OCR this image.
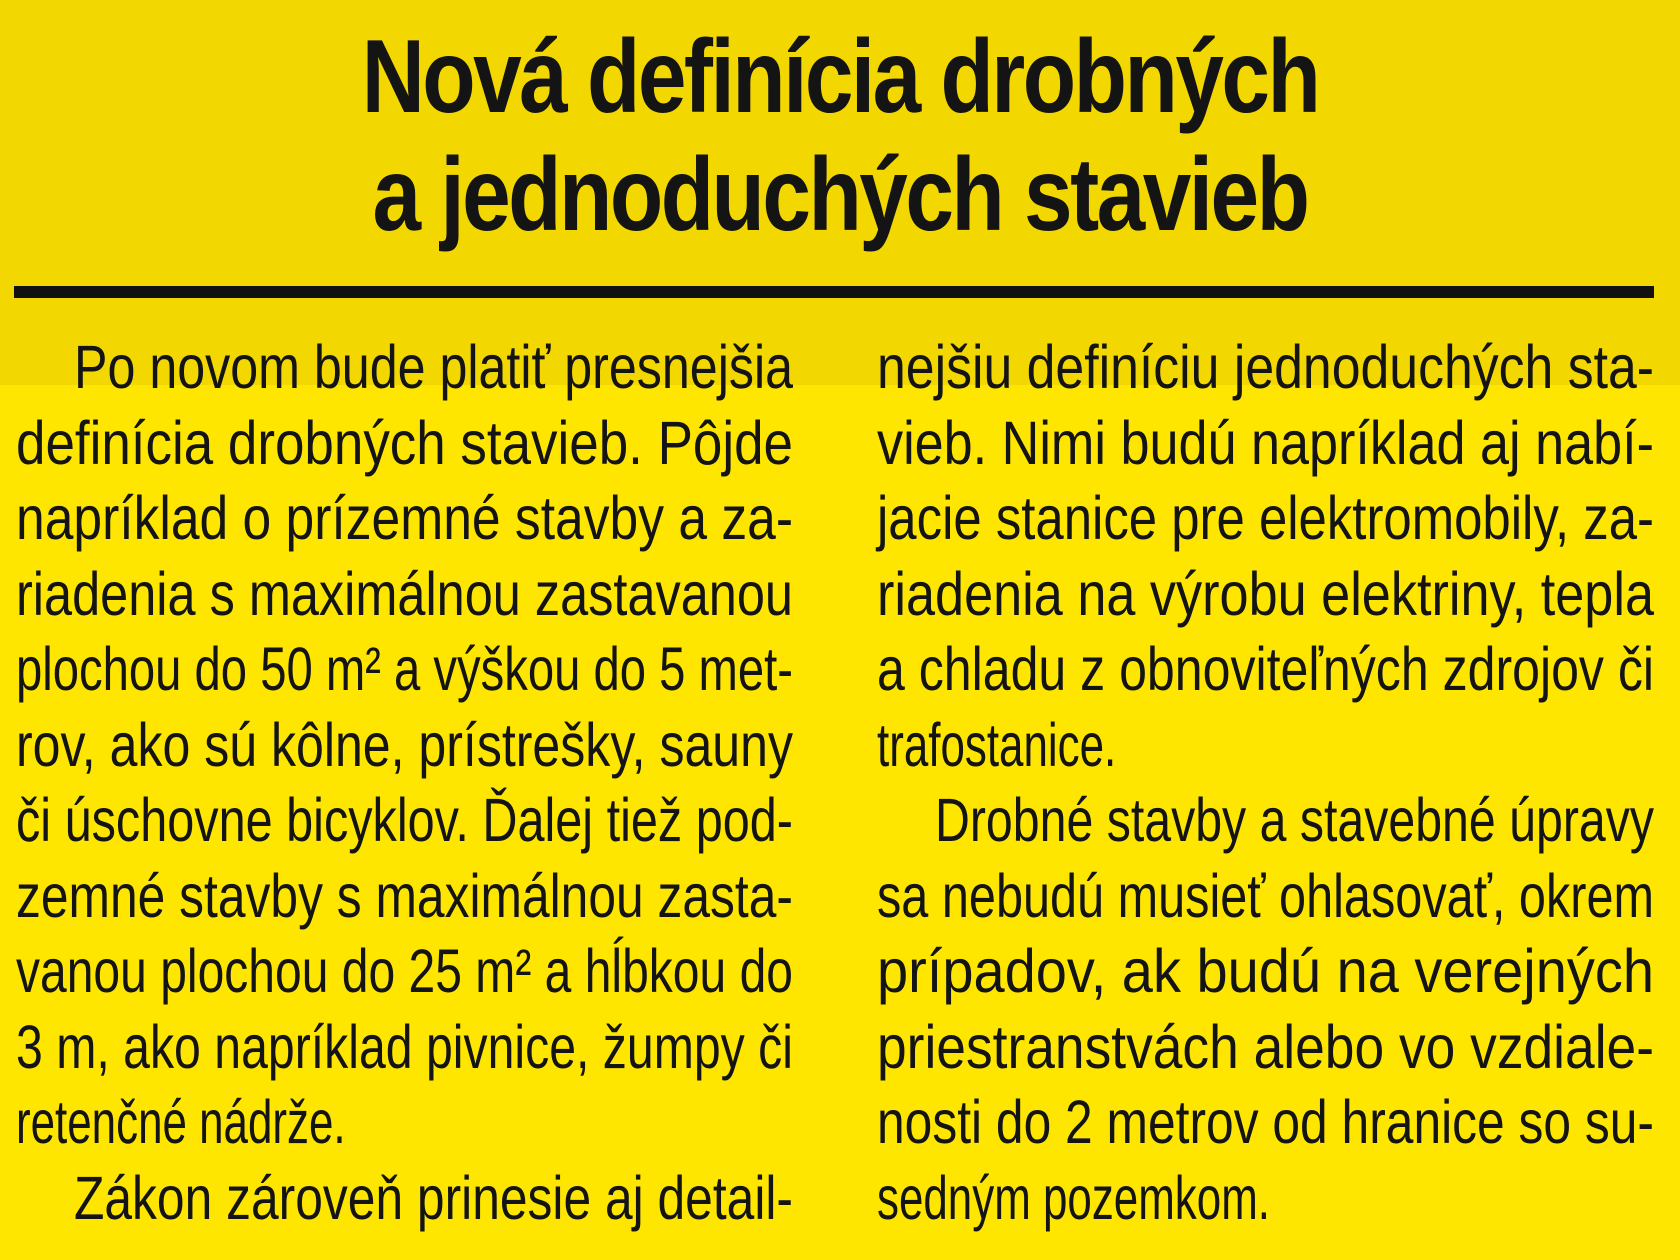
Nová definícia drobných
a jednoduchých stavieb
Po novom bude platiť presnejšia
definícia drobných stavieb. Pôjde
napríklad o prízemné stavby a za-
riadenia s maximálnou zastavanou
plochou do 50 m² a výškou do 5 met-
rov, ako sú kôlne, prístrešky, sauny
či úschovne bicyklov. Ďalej tiež pod-
zemné stavby s maximálnou zasta-
vanou plochou do 25 m² a hĺbkou do
3 m, ako napríklad pivnice, žumpy či
retenčné nádrže.
Zákon zároveň prinesie aj detail-
nejšiu definíciu jednoduchých sta-
vieb. Nimi budú napríklad aj nabí-
jacie stanice pre elektromobily, za-
riadenia na výrobu elektriny, tepla
a chladu z obnoviteľných zdrojov či
trafostanice.
Drobné stavby a stavebné úpravy
sa nebudú musieť ohlasovať, okrem
prípadov, ak budú na verejných
priestranstvách alebo vo vzdiale-
nosti do 2 metrov od hranice so su-
sedným pozemkom.
